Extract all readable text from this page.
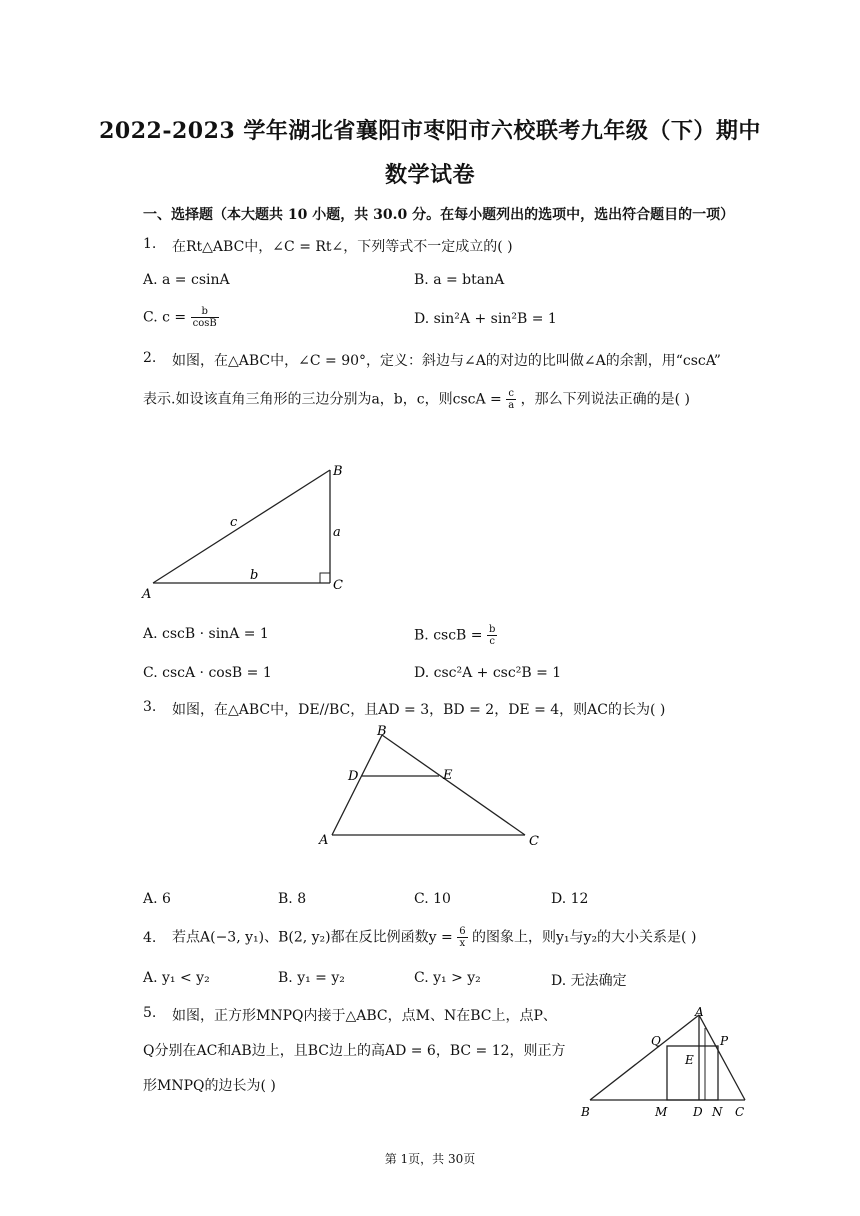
2022-2023 学年湖北省襄阳市枣阳市六校联考九年级（下）期中
数学试卷
一、选择题（本大题共 10 小题，共 30.0 分。在每小题列出的选项中，选出符合题目的一项）
1. 在Rt△ABC中，∠C = Rt∠，下列等式不一定成立的( )
A. a = csinA	B. a = btanA
C. $c = \frac{b}{\cos B}$	D. sin²A + sin²B = 1
2. 如图，在△ABC中，∠C = 90°，定义：斜边与∠A的对边的比叫做∠A的余割，用“cscA”
表示.如设该直角三角形的三边分别为a，b，c，则$\csc A = \frac{c}{a}$ ，那么下列说法正确的是( )
A
B
C
a
b
c
A. cscB · sinA = 1	B. $\csc B = \frac{b}{c}$
C. cscA · cosB = 1	D. csc²A + csc²B = 1
3. 如图，在△ABC中，DE//BC，且AD = 3，BD = 2，DE = 4，则AC的长为( )
A
B
C
D	E
A. 6	B. 8	C. 10	D. 12
4. 若点A(−3, y₁)、B(2, y₂)都在反比例函数$y = \frac{6}{x}$ 的图象上，则y₁与y₂的大小关系是( )
A. y₁ < y₂	B. y₁ = y₂	C. y₁ > y₂	D. 无法确定
5. 如图，正方形MNPQ内接于△ABC，点M、N在BC上，点P、
Q分别在AC和AB边上，且BC边上的高AD = 6，BC = 12，则正方
形MNPQ的边长为( )
A
B	C
D
E
M	N
P
Q
第 1页，共 30页
